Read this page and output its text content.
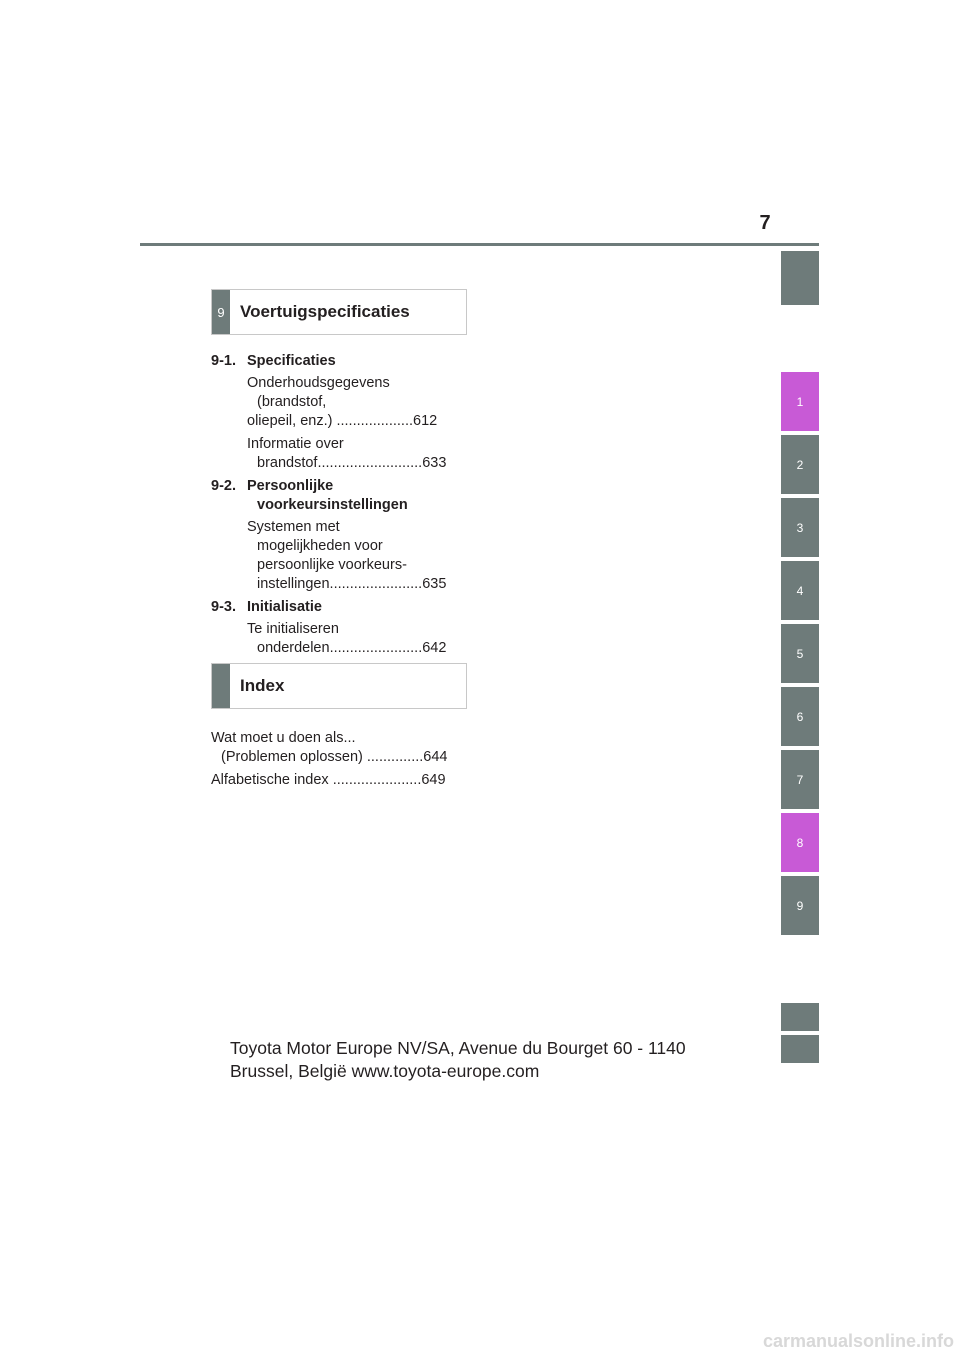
7
1
2
3
4
5
6
7
8
9
9 Voertuigspecificaties
9-1. Specificaties
Onderhoudsgegevens
(brandstof,
oliepeil, enz.) ...................612
Informatie over
brandstof..........................633
9-2. Persoonlijke
voorkeursinstellingen
Systemen met
mogelijkheden voor
persoonlijke voorkeurs-
instellingen.......................635
9-3. Initialisatie
Te initialiseren
onderdelen.......................642
Index
Wat moet u doen als...
(Problemen oplossen) ..............644
Alfabetische index ......................649
Toyota Motor Europe NV/SA, Avenue du Bourget 60 - 1140
Brussel, België www.toyota-europe.com
carmanualsonline.info
